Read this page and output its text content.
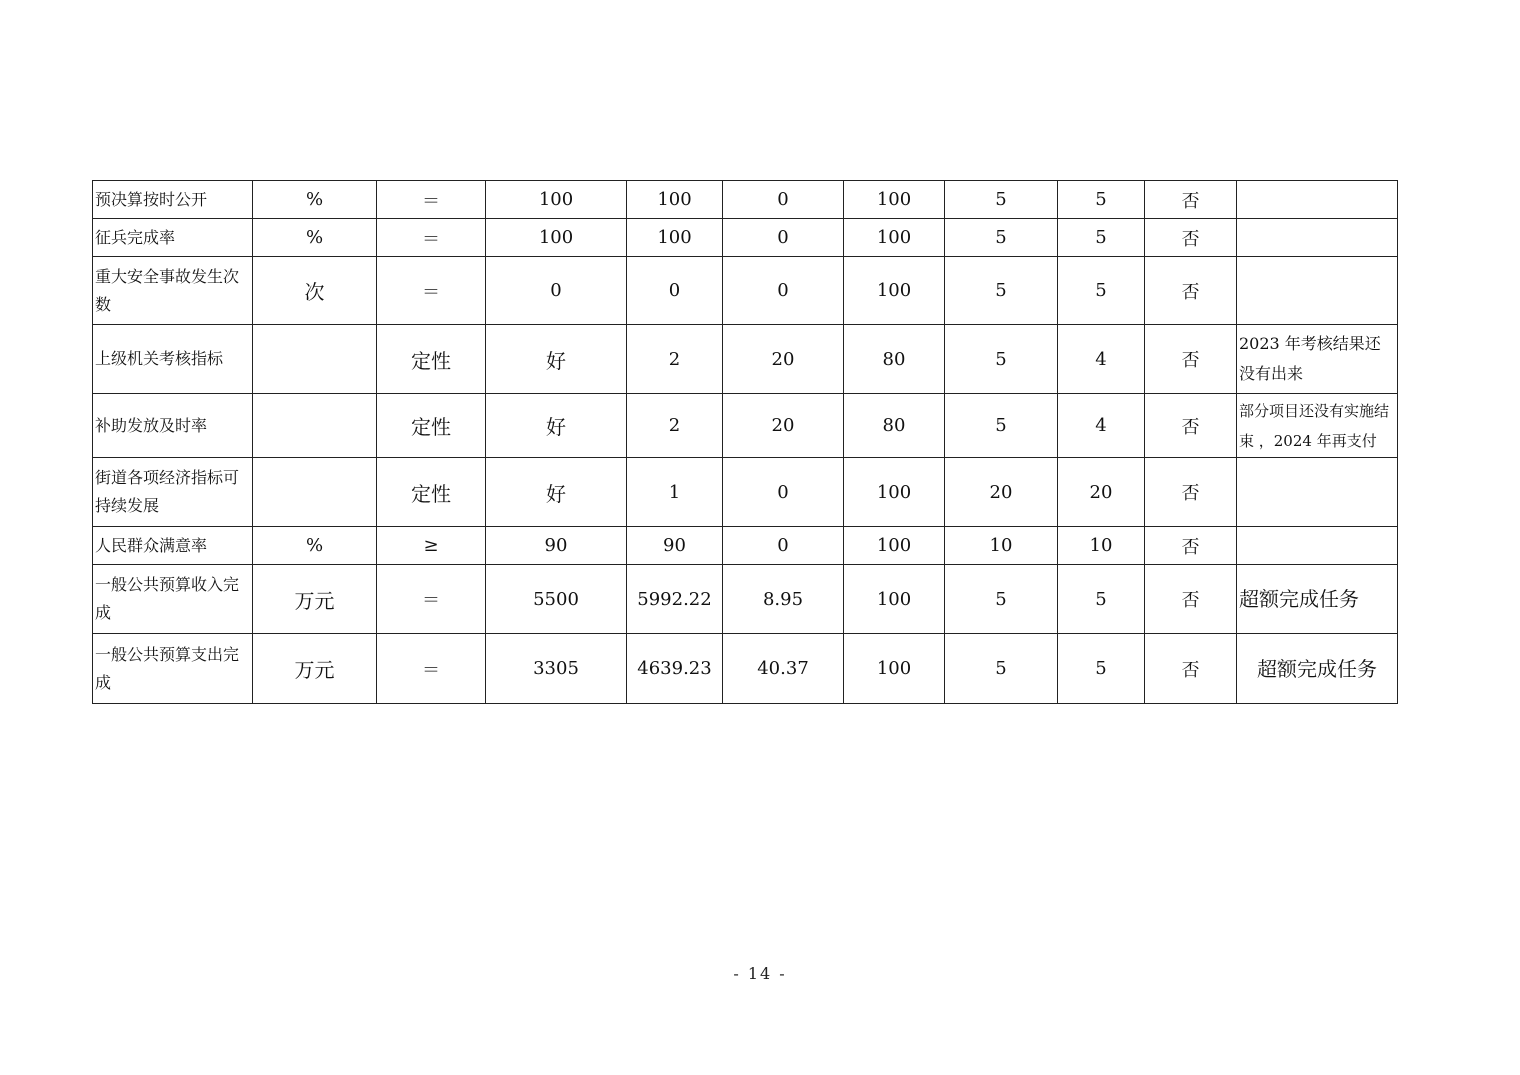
预决算按时公开	%	＝	100	100	0	100	5	5	否	
征兵完成率	%	＝	100	100	0	100	5	5	否	
重大安全事故发生次数	次	＝	0	0	0	100	5	5	否	
上级机关考核指标		定性	好	2	20	80	5	4	否	2023 年考核结果还没有出来
补助发放及时率		定性	好	2	20	80	5	4	否	部分项目还没有实施结束 ，2024 年再支付
街道各项经济指标可持续发展		定性	好	1	0	100	20	20	否	
人民群众满意率	%	≥	90	90	0	100	10	10	否	
一般公共预算收入完成	万元	＝	5500	5992.22	8.95	100	5	5	否	超额完成任务
一般公共预算支出完成	万元	＝	3305	4639.23	40.37	100	5	5	否	超额完成任务
- 14 -
